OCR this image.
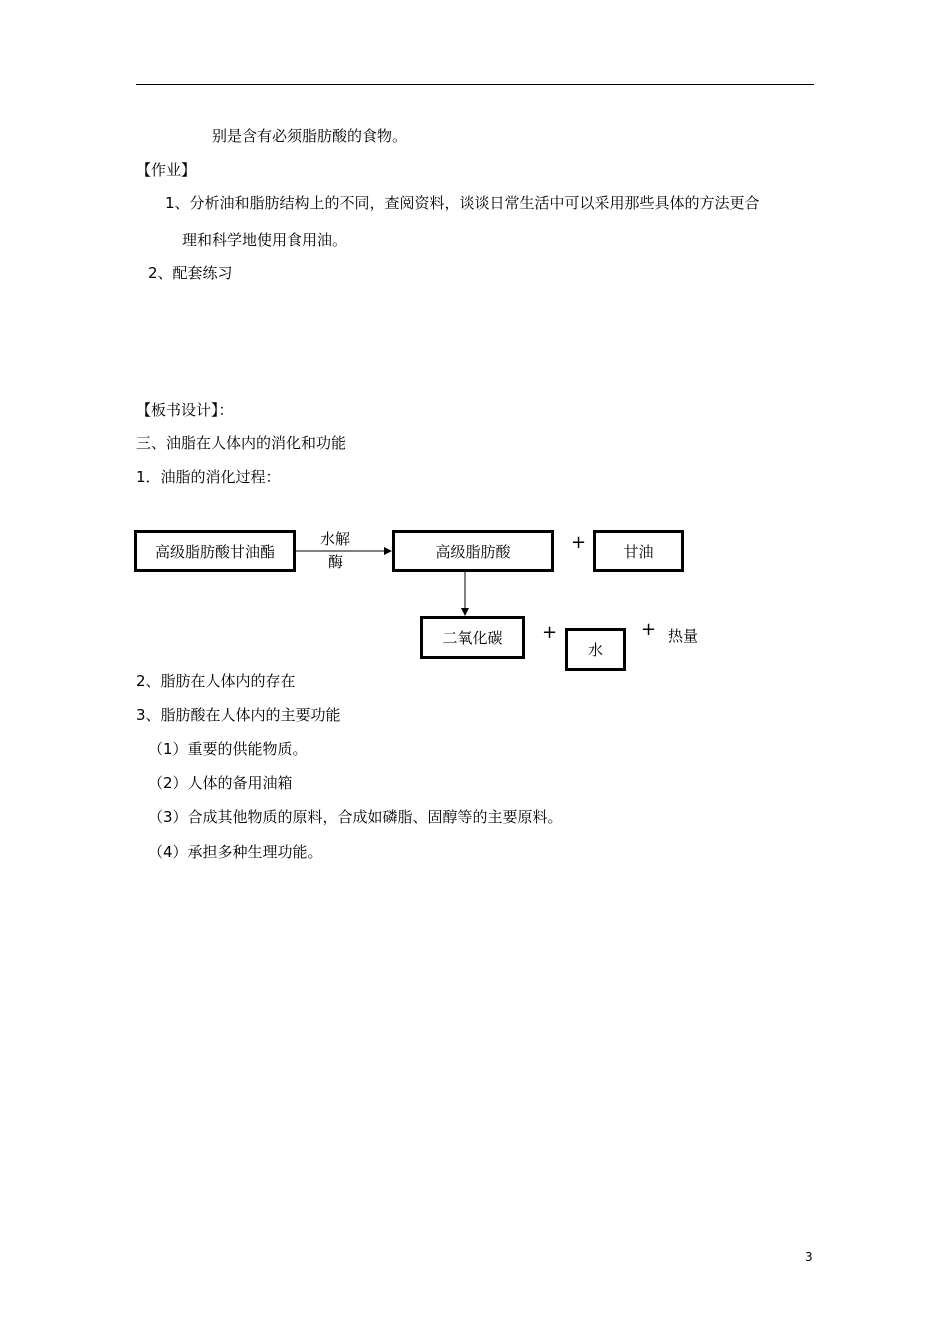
别是含有必须脂肪酸的食物。
【作业】
1、分析油和脂肪结构上的不同，查阅资料，谈谈日常生活中可以采用那些具体的方法更合
理和科学地使用食用油。
2、配套练习
【板书设计】：
三、油脂在人体内的消化和功能
1．油脂的消化过程：
高级脂肪酸甘油酯
水解
酶
高级脂肪酸	+	甘油
二氧化碳	+
水
+ 热量
2、脂肪在人体内的存在
3、脂肪酸在人体内的主要功能
（1）重要的供能物质。
（2）人体的备用油箱
（3）合成其他物质的原料，合成如磷脂、固醇等的主要原料。
（4）承担多种生理功能。
3
